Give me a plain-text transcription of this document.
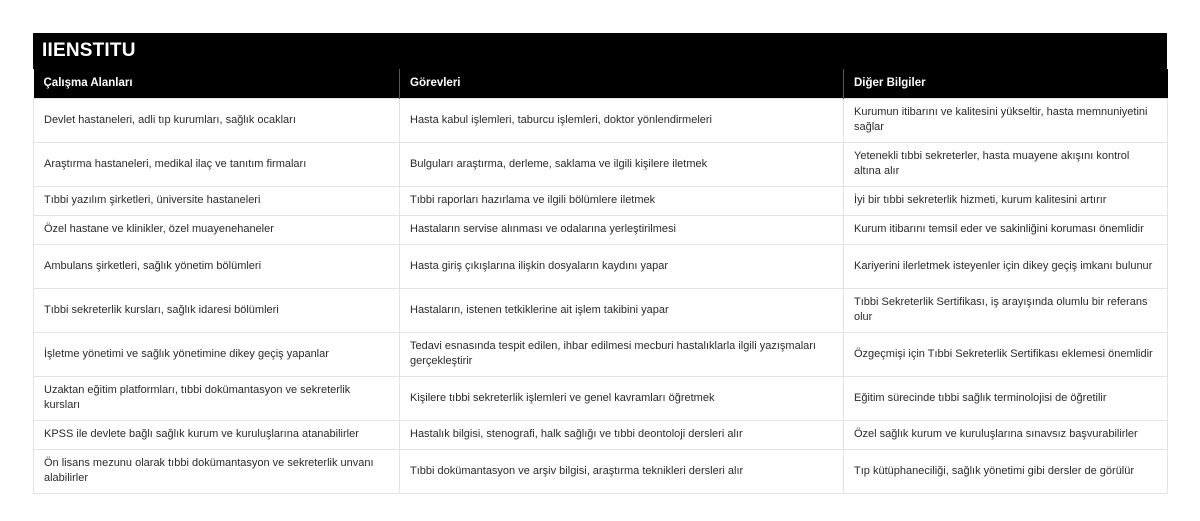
IIENSTITU
Çalışma Alanları	Görevleri	Diğer Bilgiler
Devlet hastaneleri, adli tıp kurumları, sağlık ocakları	Hasta kabul işlemleri, taburcu işlemleri, doktor yönlendirmeleri	Kurumun itibarını ve kalitesini yükseltir, hasta memnuniyetini sağlar
Araştırma hastaneleri, medikal ilaç ve tanıtım firmaları	Bulguları araştırma, derleme, saklama ve ilgili kişilere iletmek	Yetenekli tıbbi sekreterler, hasta muayene akışını kontrol altına alır
Tıbbi yazılım şirketleri, üniversite hastaneleri	Tıbbi raporları hazırlama ve ilgili bölümlere iletmek	İyi bir tıbbi sekreterlik hizmeti, kurum kalitesini artırır
Özel hastane ve klinikler, özel muayenehaneler	Hastaların servise alınması ve odalarına yerleştirilmesi	Kurum itibarını temsil eder ve sakinliğini koruması önemlidir
Ambulans şirketleri, sağlık yönetim bölümleri	Hasta giriş çıkışlarına ilişkin dosyaların kaydını yapar	Kariyerini ilerletmek isteyenler için dikey geçiş imkanı bulunur
Tıbbi sekreterlik kursları, sağlık idaresi bölümleri	Hastaların, istenen tetkiklerine ait işlem takibini yapar	Tıbbi Sekreterlik Sertifikası, iş arayışında olumlu bir referans olur
İşletme yönetimi ve sağlık yönetimine dikey geçiş yapanlar	Tedavi esnasında tespit edilen, ihbar edilmesi mecburi hastalıklarla ilgili yazışmaları gerçekleştirir	Özgeçmişi için Tıbbi Sekreterlik Sertifikası eklemesi önemlidir
Uzaktan eğitim platformları, tıbbi dokümantasyon ve sekreterlik kursları	Kişilere tıbbi sekreterlik işlemleri ve genel kavramları öğretmek	Eğitim sürecinde tıbbi sağlık terminolojisi de öğretilir
KPSS ile devlete bağlı sağlık kurum ve kuruluşlarına atanabilirler	Hastalık bilgisi, stenografi, halk sağlığı ve tıbbi deontoloji dersleri alır	Özel sağlık kurum ve kuruluşlarına sınavsız başvurabilirler
Ön lisans mezunu olarak tıbbi dokümantasyon ve sekreterlik unvanı alabilirler	Tıbbi dokümantasyon ve arşiv bilgisi, araştırma teknikleri dersleri alır	Tıp kütüphaneciliği, sağlık yönetimi gibi dersler de görülür
